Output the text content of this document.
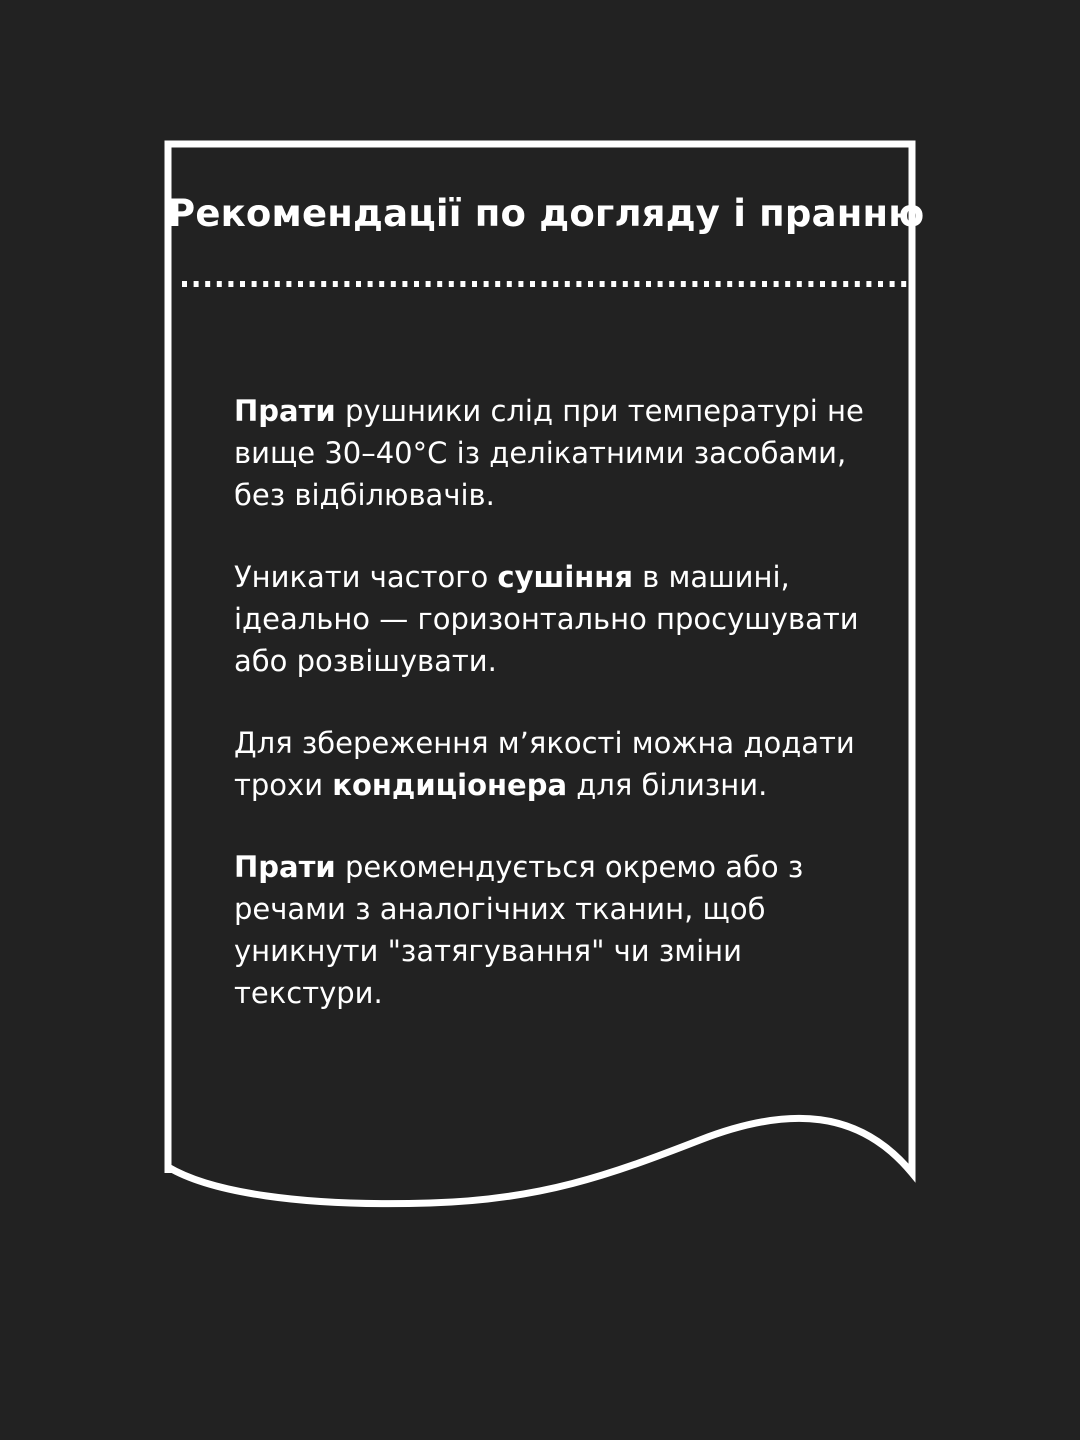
Рекомендації по догляду і пранню

Прати рушники слід при температурі не
вище 30–40°C із делікатними засобами,
без відбілювачів.

Уникати частого сушіння в машині,
ідеально — горизонтально просушувати
або розвішувати.

Для збереження м’якості можна додати
трохи кондиціонера для білизни.

Прати рекомендується окремо або з
речами з аналогічних тканин, щоб
уникнути "затягування" чи зміни текстури.
